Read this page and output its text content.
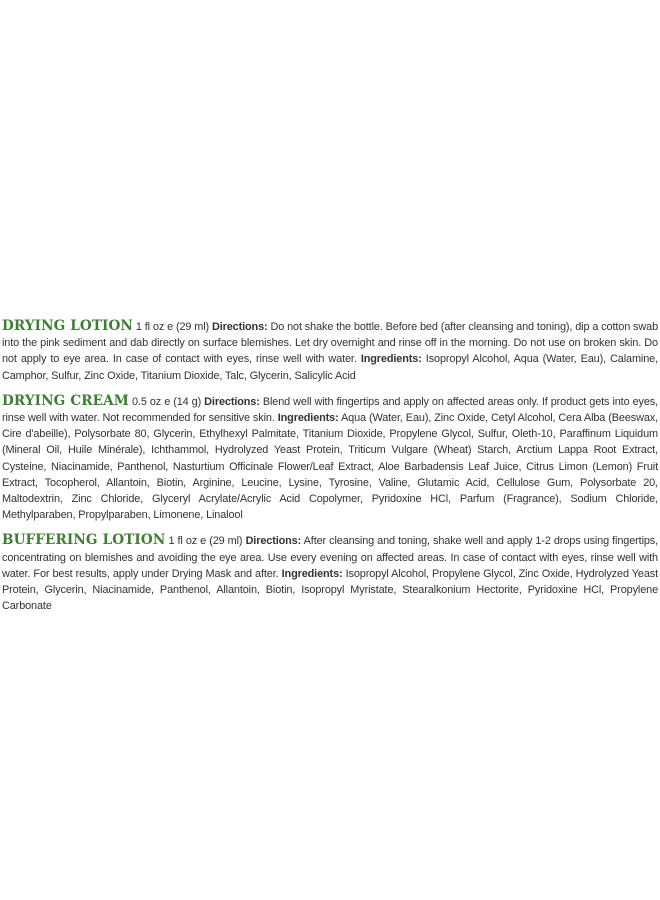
DRYING LOTION 1 fl oz e (29 ml) Directions: Do not shake the bottle. Before bed (after cleansing and toning), dip a cotton swab into the pink sediment and dab directly on surface blemishes. Let dry overnight and rinse off in the morning. Do not use on broken skin. Do not apply to eye area. In case of contact with eyes, rinse well with water. Ingredients: Isopropyl Alcohol, Aqua (Water, Eau), Calamine, Camphor, Sulfur, Zinc Oxide, Titanium Dioxide, Talc, Glycerin, Salicylic Acid

DRYING CREAM 0.5 oz e (14 g) Directions: Blend well with fingertips and apply on affected areas only. If product gets into eyes, rinse well with water. Not recommended for sensitive skin. Ingredients: Aqua (Water, Eau), Zinc Oxide, Cetyl Alcohol, Cera Alba (Beeswax, Cire d'abeille), Polysorbate 80, Glycerin, Ethylhexyl Palmitate, Titanium Dioxide, Propylene Glycol, Sulfur, Oleth-10, Paraffinum Liquidum (Mineral Oil, Huile Minérale), Ichthammol, Hydrolyzed Yeast Protein, Triticum Vulgare (Wheat) Starch, Arctium Lappa Root Extract, Cysteine, Niacinamide, Panthenol, Nasturtium Officinale Flower/Leaf Extract, Aloe Barbadensis Leaf Juice, Citrus Limon (Lemon) Fruit Extract, Tocopherol, Allantoin, Biotin, Arginine, Leucine, Lysine, Tyrosine, Valine, Glutamic Acid, Cellulose Gum, Polysorbate 20, Maltodextrin, Zinc Chloride, Glyceryl Acrylate/Acrylic Acid Copolymer, Pyridoxine HCl, Parfum (Fragrance), Sodium Chloride, Methylparaben, Propylparaben, Limonene, Linalool

BUFFERING LOTION 1 fl oz e (29 ml) Directions: After cleansing and toning, shake well and apply 1-2 drops using fingertips, concentrating on blemishes and avoiding the eye area. Use every evening on affected areas. In case of contact with eyes, rinse well with water. For best results, apply under Drying Mask and after. Ingredients: Isopropyl Alcohol, Propylene Glycol, Zinc Oxide, Hydrolyzed Yeast Protein, Glycerin, Niacinamide, Panthenol, Allantoin, Biotin, Isopropyl Myristate, Stearalkonium Hectorite, Pyridoxine HCl, Propylene Carbonate
